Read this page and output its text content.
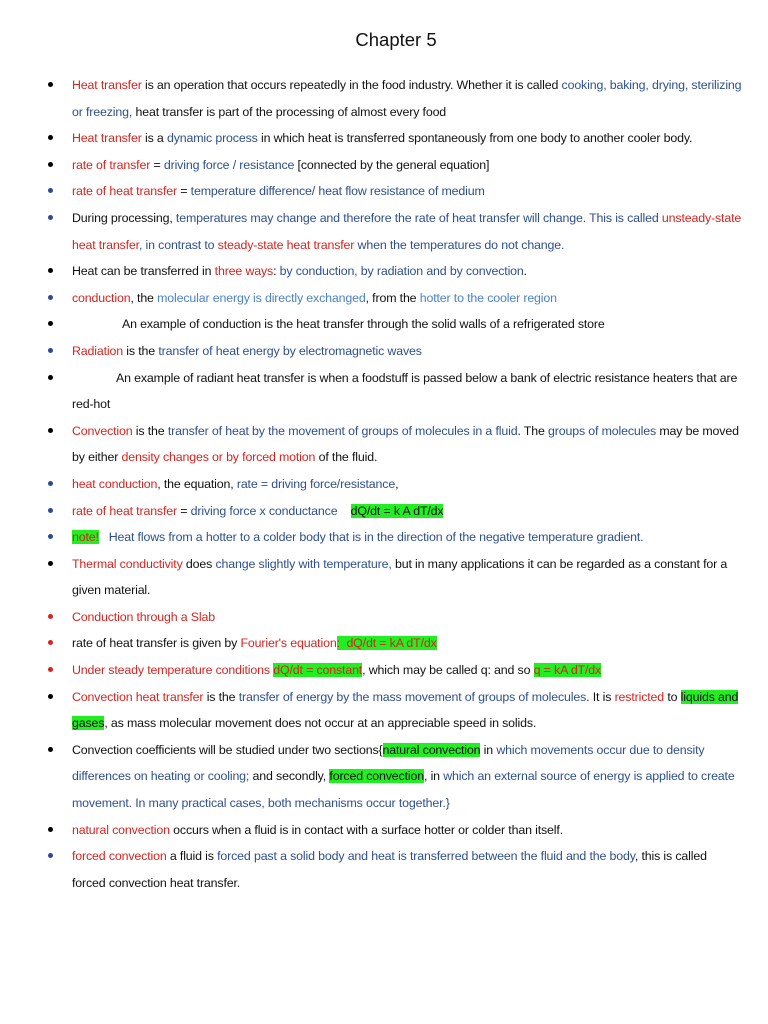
Chapter 5
Heat transfer is an operation that occurs repeatedly in the food industry. Whether it is called cooking, baking, drying, sterilizing or freezing, heat transfer is part of the processing of almost every food
Heat transfer is a dynamic process in which heat is transferred spontaneously from one body to another cooler body.
rate of transfer = driving force / resistance [connected by the general equation]
rate of heat transfer = temperature difference/ heat flow resistance of medium
During processing, temperatures may change and therefore the rate of heat transfer will change. This is called unsteady-state heat transfer, in contrast to steady-state heat transfer when the temperatures do not change.
Heat can be transferred in three ways: by conduction, by radiation and by convection.
conduction, the molecular energy is directly exchanged, from the hotter to the cooler region
An example of conduction is the heat transfer through the solid walls of a refrigerated store
Radiation is the transfer of heat energy by electromagnetic waves
An example of radiant heat transfer is when a foodstuff is passed below a bank of electric resistance heaters that are red-hot
Convection is the transfer of heat by the movement of groups of molecules in a fluid. The groups of molecules may be moved by either density changes or by forced motion of the fluid.
heat conduction, the equation, rate = driving force/resistance,
rate of heat transfer = driving force x conductance dQ/dt = k A dT/dx
note!   Heat flows from a hotter to a colder body that is in the direction of the negative temperature gradient.
Thermal conductivity does change slightly with temperature, but in many applications it can be regarded as a constant for a given material.
Conduction through a Slab
rate of heat transfer is given by Fourier's equation:  dQ/dt = kA dT/dx
Under steady temperature conditions dQ/dt = constant, which may be called q: and so q = kA dT/dx
Convection heat transfer is the transfer of energy by the mass movement of groups of molecules. It is restricted to liquids and gases, as mass molecular movement does not occur at an appreciable speed in solids.
Convection coefficients will be studied under two sections{natural convection in which movements occur due to density differences on heating or cooling; and secondly, forced convection, in which an external source of energy is applied to create movement. In many practical cases, both mechanisms occur together.}
natural convection occurs when a fluid is in contact with a surface hotter or colder than itself.
forced convection a fluid is forced past a solid body and heat is transferred between the fluid and the body, this is called forced convection heat transfer.
